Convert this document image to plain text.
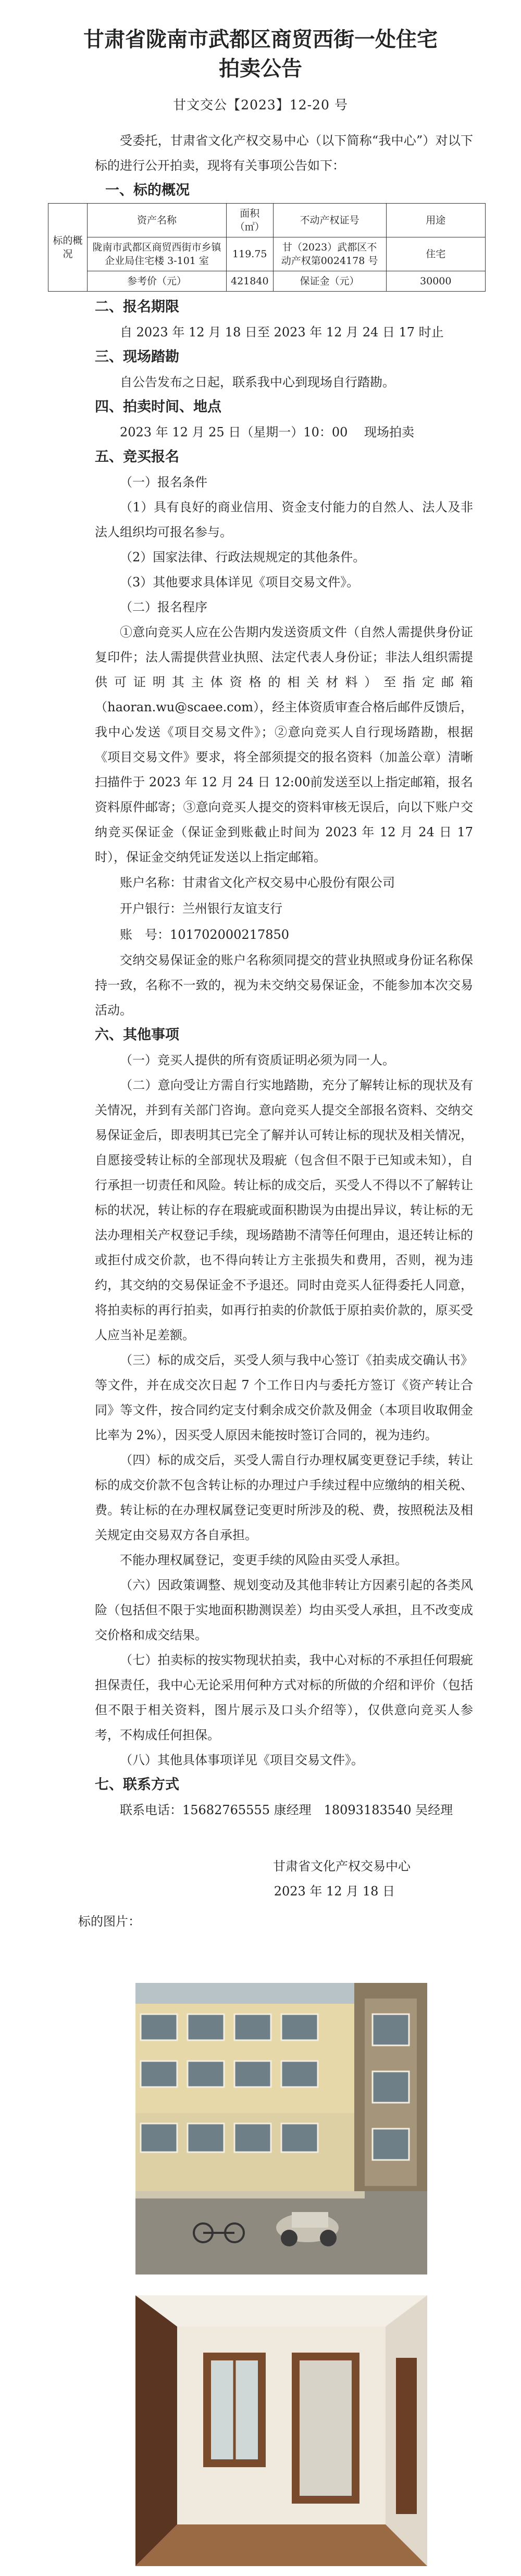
甘肃省陇南市武都区商贸西街一处住宅
拍卖公告
甘文交公【2023】12-20 号

受委托，甘肃省文化产权交易中心（以下简称“我中心”）对以下标的进行公开拍卖，现将有关事项公告如下：

一、标的概况

标的概况	资产名称	面积（㎡）	不动产权证号	用途
	陇南市武都区商贸西街市乡镇企业局住宅楼 3-101 室	119.75	甘（2023）武都区不动产权第0024178 号	住宅
	参考价（元）	421840	保证金（元）	30000

二、报名期限

自 2023 年 12 月 18 日至 2023 年 12 月 24 日 17 时止

三、现场踏勘

自公告发布之日起，联系我中心到现场自行踏勘。

四、拍卖时间、地点

2023 年 12 月 25 日（星期一）10：00　 现场拍卖

五、竞买报名

（一）报名条件

（1）具有良好的商业信用、资金支付能力的自然人、法人及非法人组织均可报名参与。

（2）国家法律、行政法规规定的其他条件。

（3）其他要求具体详见《项目交易文件》。

（二）报名程序

①意向竞买人应在公告期内发送资质文件（自然人需提供身份证复印件；法人需提供营业执照、法定代表人身份证；非法人组织需提供可证明其主体资格的相关材料）至指定邮箱（haoran.wu@scaee.com），经主体资质审查合格后邮件反馈后，我中心发送《项目交易文件》；②意向竞买人自行现场踏勘，根据《项目交易文件》要求，将全部须提交的报名资料（加盖公章）清晰扫描件于 2023 年 12 月 24 日 12:00前发送至以上指定邮箱，报名资料原件邮寄；③意向竞买人提交的资料审核无误后，向以下账户交纳竞买保证金（保证金到账截止时间为 2023 年 12 月 24 日 17 时），保证金交纳凭证发送以上指定邮箱。

账户名称：甘肃省文化产权交易中心股份有限公司

开户银行：兰州银行友谊支行

账　号：101702000217850

交纳交易保证金的账户名称须同提交的营业执照或身份证名称保持一致，名称不一致的，视为未交纳交易保证金，不能参加本次交易活动。

六、其他事项

（一）竞买人提供的所有资质证明必须为同一人。

（二）意向受让方需自行实地踏勘，充分了解转让标的现状及有关情况，并到有关部门咨询。意向竞买人提交全部报名资料、交纳交易保证金后，即表明其已完全了解并认可转让标的现状及相关情况，自愿接受转让标的全部现状及瑕疵（包含但不限于已知或未知），自行承担一切责任和风险。转让标的成交后，买受人不得以不了解转让标的状况，转让标的存在瑕疵或面积勘误为由提出异议，转让标的无法办理相关产权登记手续，现场踏勘不清等任何理由，退还转让标的或拒付成交价款，也不得向转让方主张损失和费用，否则，视为违约，其交纳的交易保证金不予退还。同时由竞买人征得委托人同意，将拍卖标的再行拍卖，如再行拍卖的价款低于原拍卖价款的，原买受人应当补足差额。

（三）标的成交后，买受人须与我中心签订《拍卖成交确认书》等文件，并在成交次日起 7 个工作日内与委托方签订《资产转让合同》等文件，按合同约定支付剩余成交价款及佣金（本项目收取佣金比率为 2%），因买受人原因未能按时签订合同的，视为违约。

（四）标的成交后，买受人需自行办理权属变更登记手续，转让标的成交价款不包含转让标的办理过户手续过程中应缴纳的相关税、费。转让标的在办理权属登记变更时所涉及的税、费，按照税法及相关规定由交易双方各自承担。

不能办理权属登记，变更手续的风险由买受人承担。

（六）因政策调整、规划变动及其他非转让方因素引起的各类风险（包括但不限于实地面积勘测误差）均由买受人承担，且不改变成交价格和成交结果。

（七）拍卖标的按实物现状拍卖，我中心对标的不承担任何瑕疵担保责任，我中心无论采用何种方式对标的所做的介绍和评价（包括但不限于相关资料，图片展示及口头介绍等），仅供意向竞买人参考，不构成任何担保。

（八）其他具体事项详见《项目交易文件》。

七、联系方式

联系电话：15682765555 康经理　18093183540 吴经理

甘肃省文化产权交易中心

2023 年 12 月 18 日

标的图片：
